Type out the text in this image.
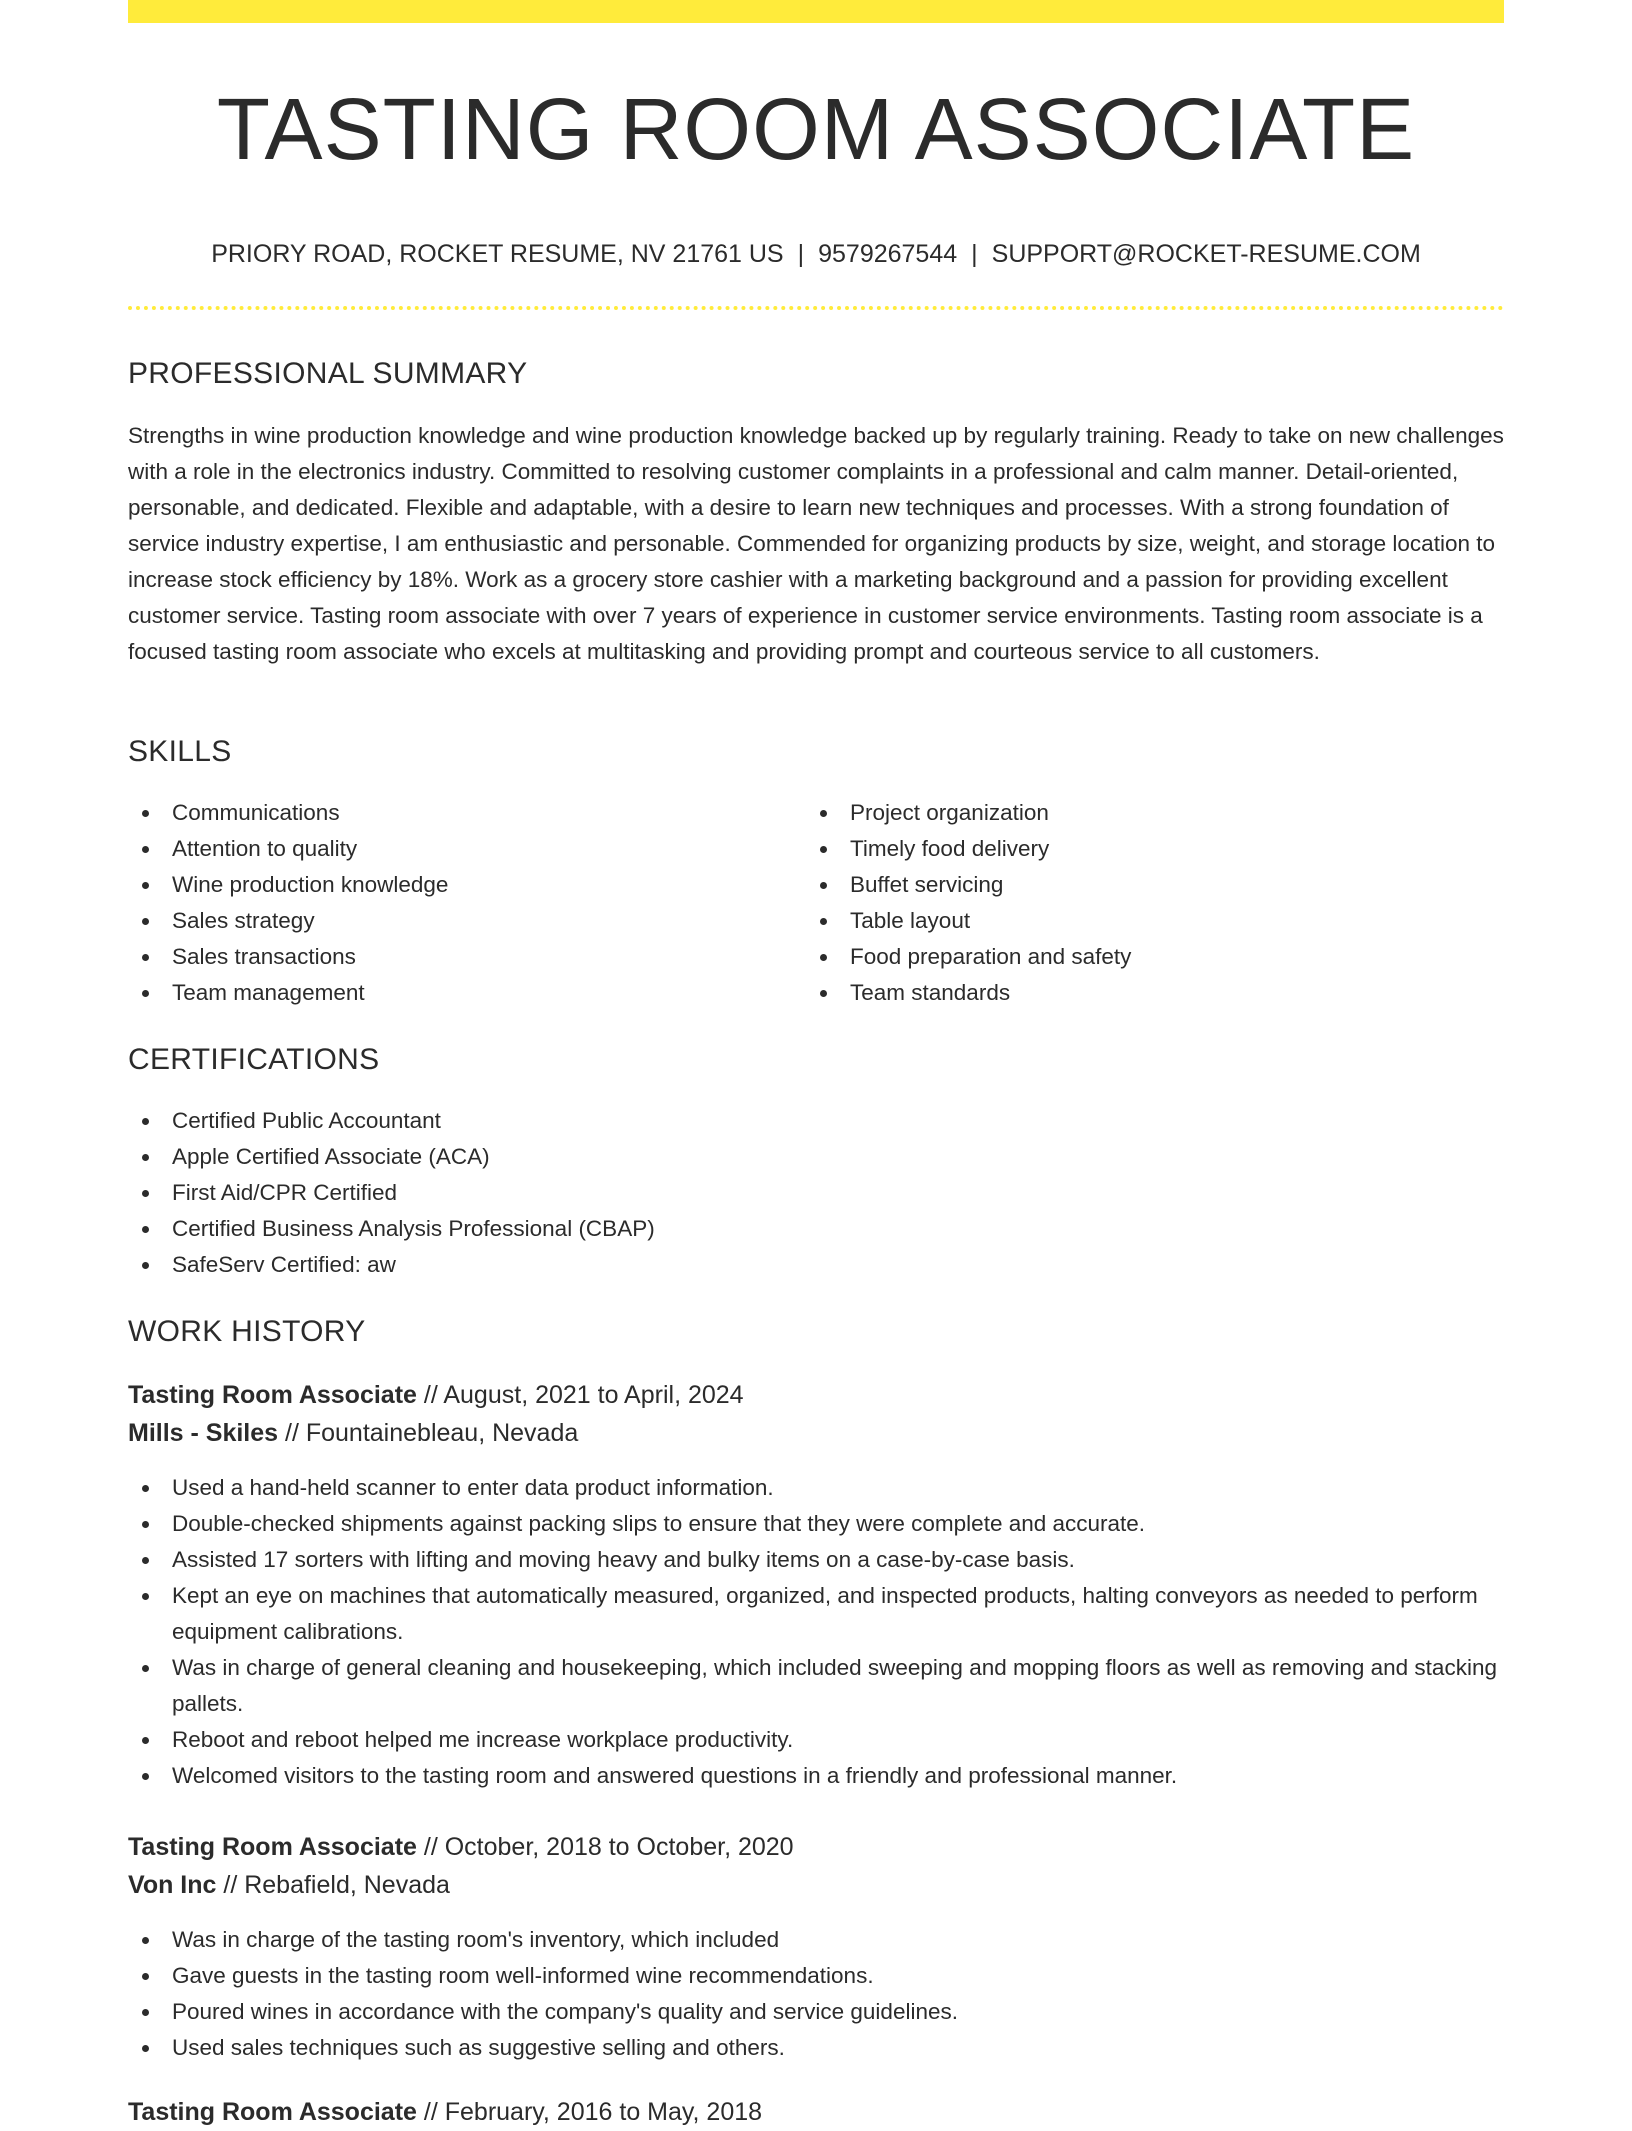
TASTING ROOM ASSOCIATE
PRIORY ROAD, ROCKET RESUME, NV 21761 US | 9579267544 | SUPPORT@ROCKET-RESUME.COM
PROFESSIONAL SUMMARY

Strengths in wine production knowledge and wine production knowledge backed up by regularly training. Ready to take on new challenges with a role in the electronics industry. Committed to resolving customer complaints in a professional and calm manner. Detail-oriented, personable, and dedicated. Flexible and adaptable, with a desire to learn new techniques and processes. With a strong foundation of service industry expertise, I am enthusiastic and personable. Commended for organizing products by size, weight, and storage location to increase stock efficiency by 18%. Work as a grocery store cashier with a marketing background and a passion for providing excellent customer service. Tasting room associate with over 7 years of experience in customer service environments. Tasting room associate is a focused tasting room associate who excels at multitasking and providing prompt and courteous service to all customers.

SKILLS
Communications
Attention to quality
Wine production knowledge
Sales strategy
Sales transactions
Team management
Project organization
Timely food delivery
Buffet servicing
Table layout
Food preparation and safety
Team standards
CERTIFICATIONS
Certified Public Accountant
Apple Certified Associate (ACA)
First Aid/CPR Certified
Certified Business Analysis Professional (CBAP)
SafeServ Certified: aw
WORK HISTORY
Tasting Room Associate // August, 2021 to April, 2024
Mills - Skiles // Fountainebleau, Nevada
Used a hand-held scanner to enter data product information.
Double-checked shipments against packing slips to ensure that they were complete and accurate.
Assisted 17 sorters with lifting and moving heavy and bulky items on a case-by-case basis.
Kept an eye on machines that automatically measured, organized, and inspected products, halting conveyors as needed to perform equipment calibrations.
Was in charge of general cleaning and housekeeping, which included sweeping and mopping floors as well as removing and stacking pallets.
Reboot and reboot helped me increase workplace productivity.
Welcomed visitors to the tasting room and answered questions in a friendly and professional manner.
Tasting Room Associate // October, 2018 to October, 2020
Von Inc // Rebafield, Nevada
Was in charge of the tasting room's inventory, which included
Gave guests in the tasting room well-informed wine recommendations.
Poured wines in accordance with the company's quality and service guidelines.
Used sales techniques such as suggestive selling and others.
Tasting Room Associate // February, 2016 to May, 2018
